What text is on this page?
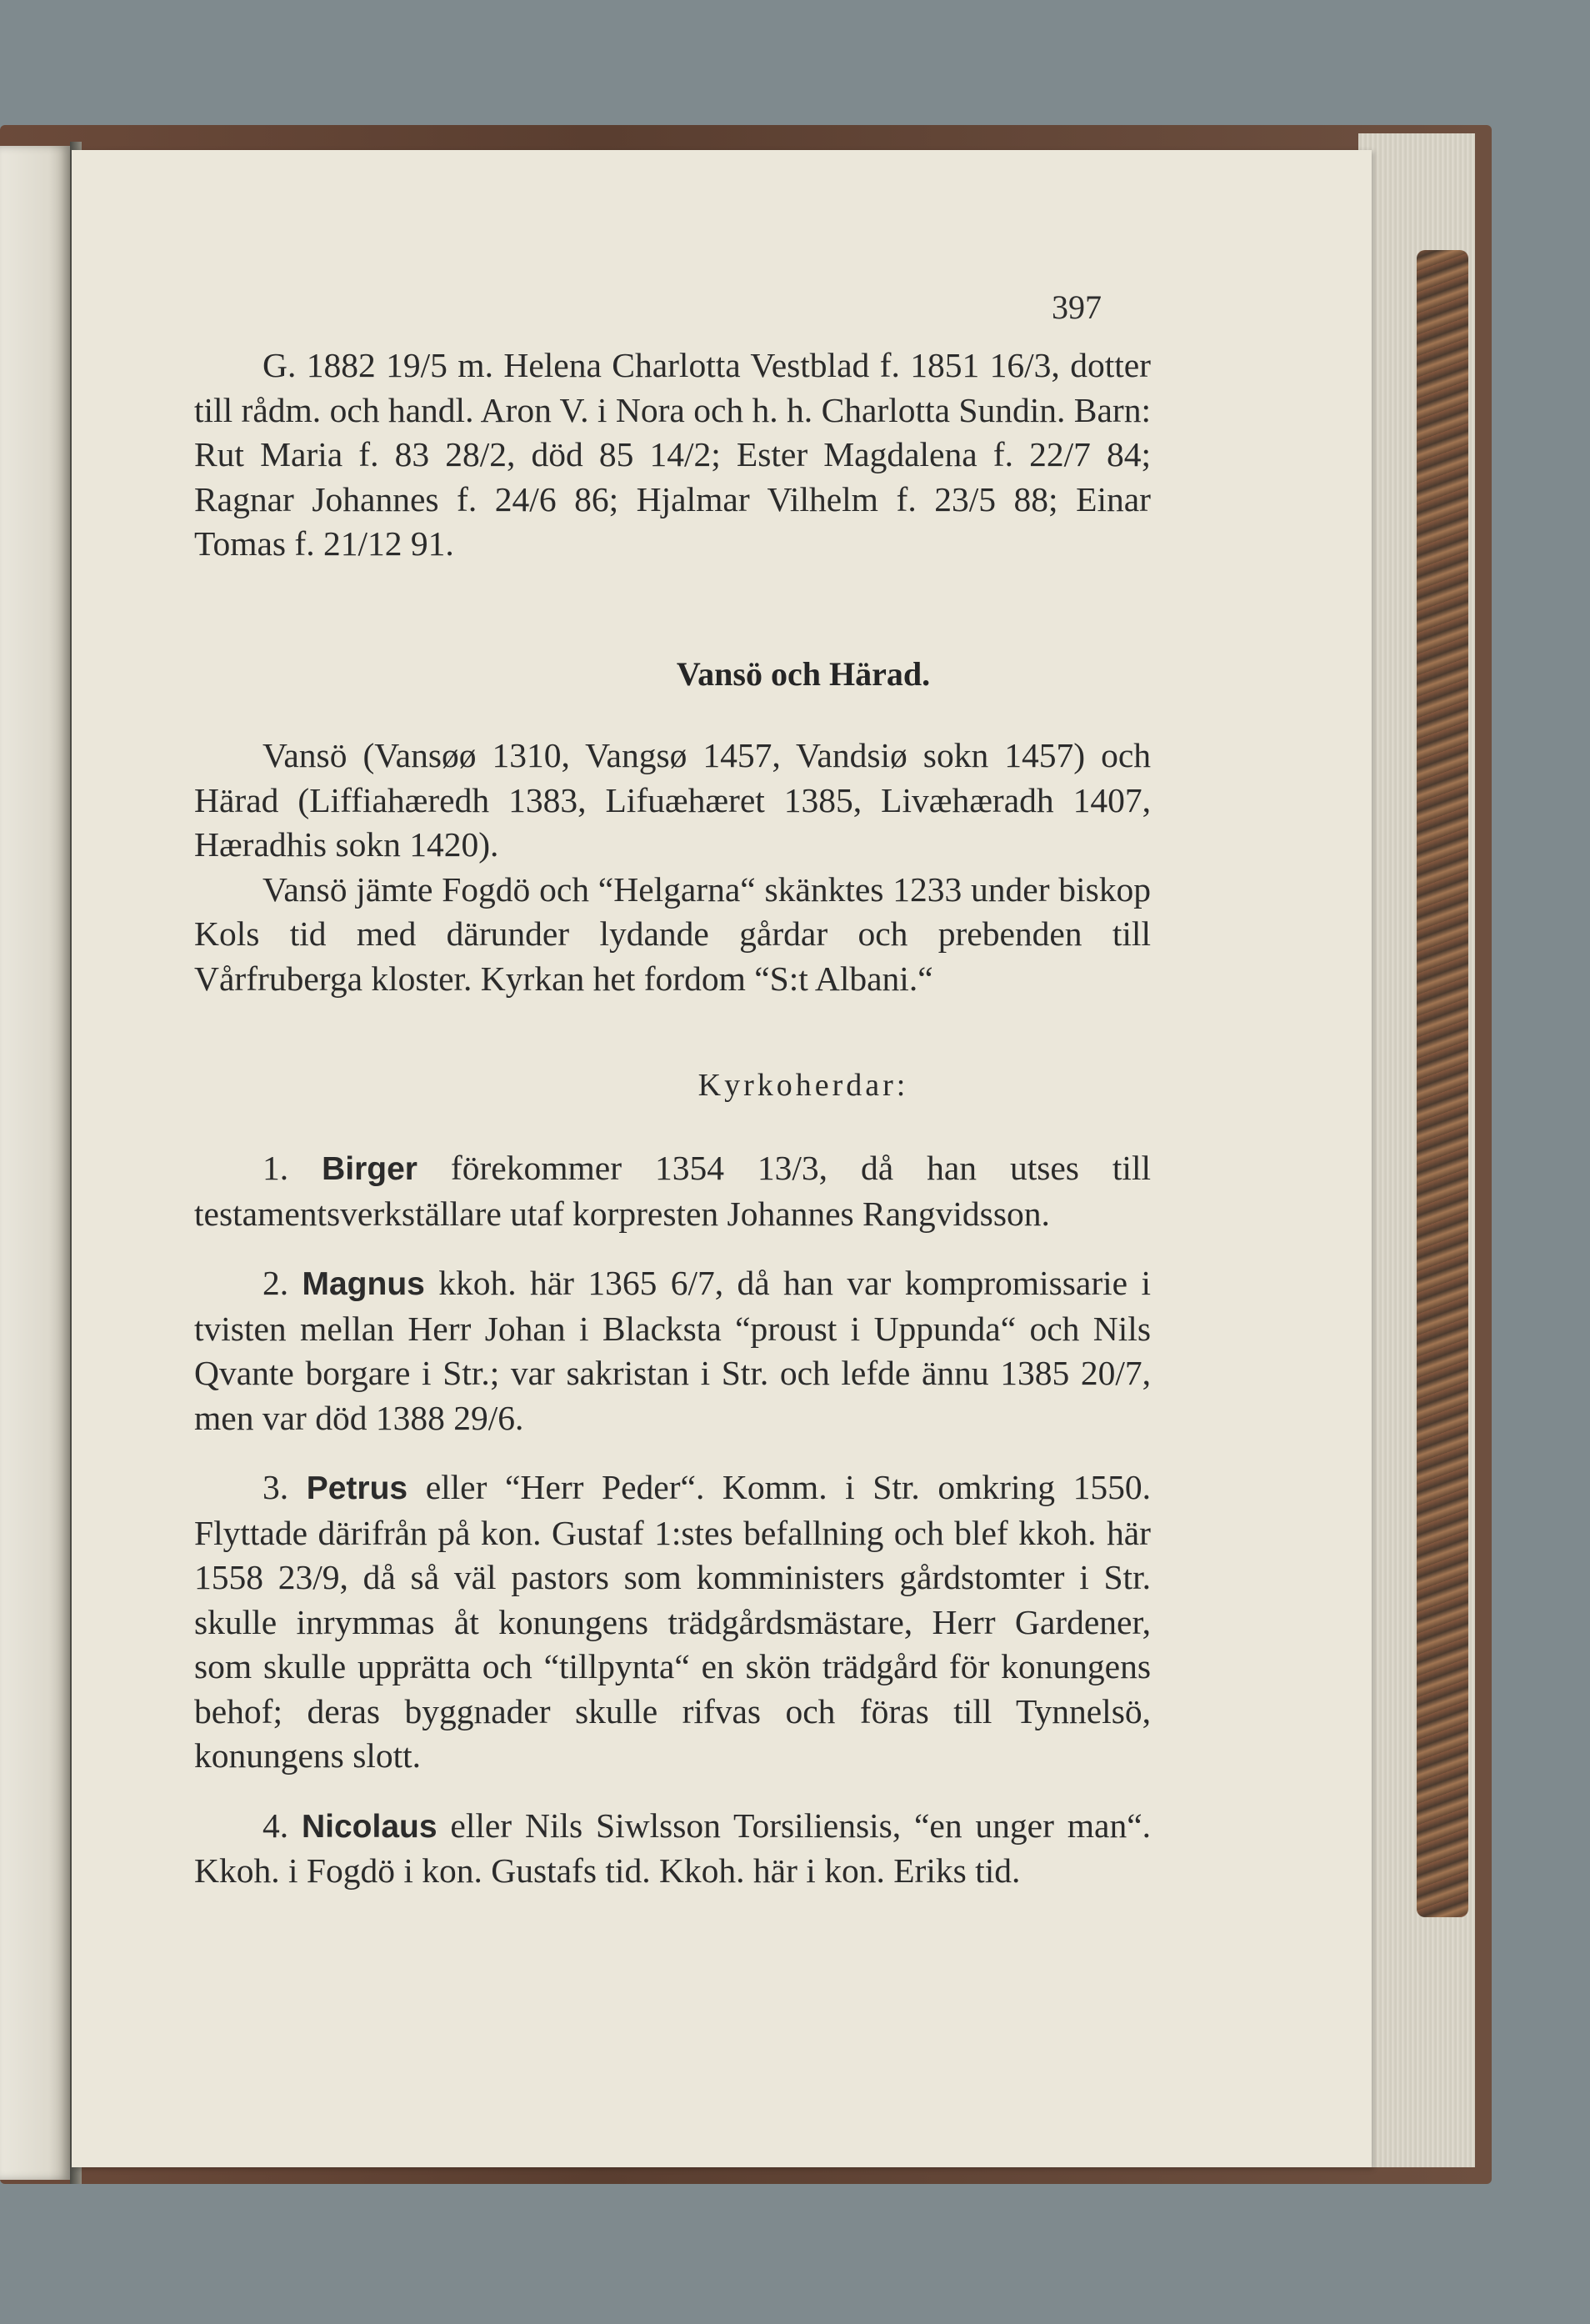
397

G. 1882 19/5 m. Helena Charlotta Vestblad f. 1851 16/3, dotter till rådm. och handl. Aron V. i Nora och h. h. Charlotta Sundin. Barn: Rut Maria f. 83 28/2, död 85 14/2; Ester Magdalena f. 22/7 84; Ragnar Johannes f. 24/6 86; Hjalmar Vilhelm f. 23/5 88; Einar Tomas f. 21/12 91.

Vansö och Härad.

Vansö (Vansøø 1310, Vangsø 1457, Vandsiø sokn 1457) och Härad (Liffiahæredh 1383, Lifuæhæret 1385, Livæhæradh 1407, Hæradhis sokn 1420).

Vansö jämte Fogdö och “Helgarna“ skänktes 1233 under biskop Kols tid med därunder lydande gårdar och prebenden till Vårfruberga kloster. Kyrkan het fordom “S:t Albani.“

Kyrkoherdar:

1. Birger förekommer 1354 13/3, då han utses till testamentsverkställare utaf korpresten Johannes Rangvidsson.

2. Magnus kkoh. här 1365 6/7, då han var kompromissarie i tvisten mellan Herr Johan i Blacksta “proust i Uppunda“ och Nils Qvante borgare i Str.; var sakristan i Str. och lefde ännu 1385 20/7, men var död 1388 29/6.

3. Petrus eller “Herr Peder“. Komm. i Str. omkring 1550. Flyttade därifrån på kon. Gustaf 1:stes befallning och blef kkoh. här 1558 23/9, då så väl pastors som komministers gårdstomter i Str. skulle inrymmas åt konungens trädgårdsmästare, Herr Gardener, som skulle upprätta och “tillpynta“ en skön trädgård för konungens behof; deras byggnader skulle rifvas och föras till Tynnelsö, konungens slott.

4. Nicolaus eller Nils Siwlsson Torsiliensis, “en unger man“. Kkoh. i Fogdö i kon. Gustafs tid. Kkoh. här i kon. Eriks tid.
